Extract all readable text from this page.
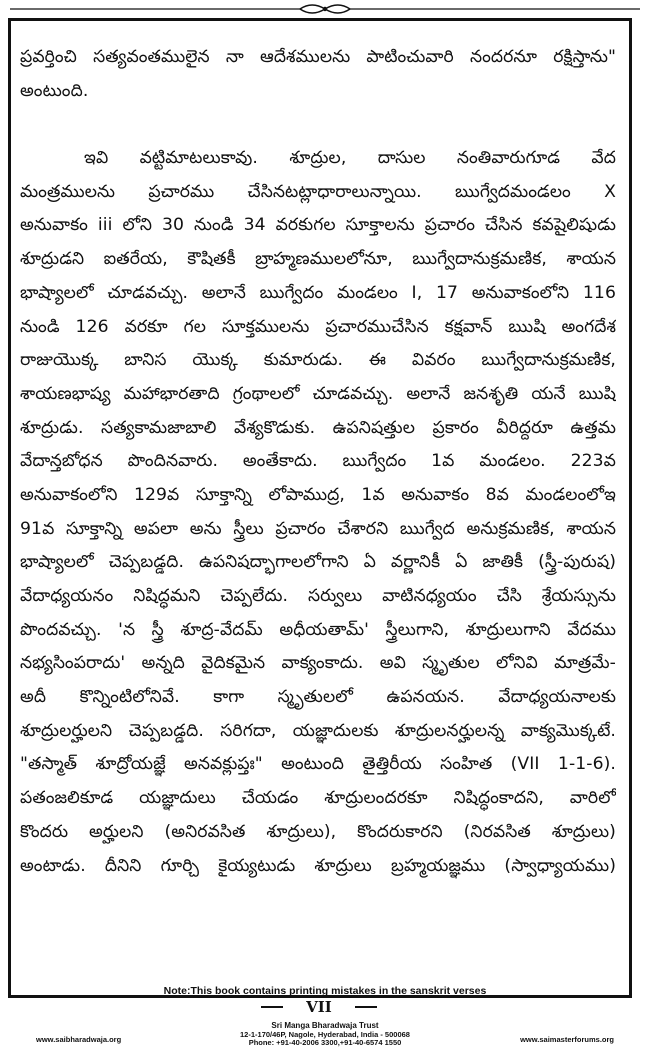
ప్రవర్తించి సత్యవంతములైన నా ఆదేశములను పాటించువారి నందరనూ రక్షిస్తాను"
అంటుంది.
ఇవి వట్టిమాటలుకావు. శూద్రుల, దాసుల నంతివారుగూడ వేద
మంత్రములను ప్రచారము చేసినటట్లాధారాలున్నాయి. ఋగ్వేదమండలం X
అనువాకం iii లోని 30 నుండి 34 వరకుగల సూక్తాలను ప్రచారం చేసిన కవషైలిషుడు
శూద్రుడని ఐతరేయ, కౌషితకీ బ్రాహ్మణములలోనూ, ఋగ్వేదానుక్రమణిక, శాయన
భాష్యాలలో చూడవచ్చు. అలానే ఋగ్వేదం మండలం I, 17 అనువాకంలోని 116
నుండి 126 వరకూ గల సూక్తములను ప్రచారముచేసిన కక్షవాన్ ఋషి అంగదేశ
రాజుయొక్క బానిస యొక్క కుమారుడు. ఈ వివరం ఋగ్వేదానుక్రమణిక,
శాయణభాష్య మహాభారతాది గ్రంథాలలో చూడవచ్చు. అలానే జనశృతి యనే ఋషి
శూద్రుడు. సత్యకామజాబాలి వేశ్యకొడుకు. ఉపనిషత్తుల ప్రకారం వీరిద్దరూ ఉత్తమ
వేదాన్తబోధన పొందినవారు. అంతేకాదు. ఋగ్వేదం 1వ మండలం. 223వ
అనువాకంలోని 129వ సూక్తాన్ని లోపాముద్ర, 1వ అనువాకం 8వ మండలంలోఇ
91వ సూక్తాన్ని అపలా అను స్త్రీలు ప్రచారం చేశారని ఋగ్వేద అనుక్రమణిక, శాయన
భాష్యాలలో చెప్పబడ్డది. ఉపనిషద్భాగాలలోగాని ఏ వర్ణానికీ ఏ జాతికీ (స్త్రీ-పురుష)
వేదాధ్యయనం నిషిద్ధమని చెప్పలేదు. సర్వులు వాటినధ్యయం చేసి శ్రేయస్సును
పొందవచ్చు. 'న స్త్రీ శూద్ర-వేదమ్ అధీయతామ్' స్త్రీలుగాని, శూద్రులుగాని వేదము
నభ్యసింపరాదు' అన్నది వైదికమైన వాక్యంకాదు. అవి స్మృతుల లోనివి మాత్రమే-
అదీ కొన్నింటిలోనివే. కాగా స్మృతులలో ఉపనయన. వేదాధ్యయనాలకు
శూద్రులర్హులని చెప్పబడ్డది. సరిగదా, యజ్ఞాదులకు శూద్రులనర్హులన్న వాక్యమొక్కటే.
"తస్మాత్ శూద్రోయజ్ఞే అనవక్లుప్తః" అంటుంది తైత్తిరీయ సంహిత (VII 1-1-6).
పతంజలికూడ యజ్ఞాదులు చేయడం శూద్రులందరకూ నిషిద్ధంకాదని, వారిలో
కొందరు అర్హులని (అనిరవసిత శూద్రులు), కొందరుకారని (నిరవసిత శూద్రులు)
అంటాడు. దీనిని గూర్చి కైయ్యటుడు శూద్రులు బ్రహ్మయజ్ఞము (స్వాధ్యాయము)
Note:This book contains printing mistakes in the sanskrit verses
VII
www.saibharadwaja.org
Sri Manga Bharadwaja Trust
12-1-170/46P, Nagole, Hyderabad, India - 500068
Phone: +91-40-2006 3300,+91-40-6574 1550	www.saimasterforums.org
